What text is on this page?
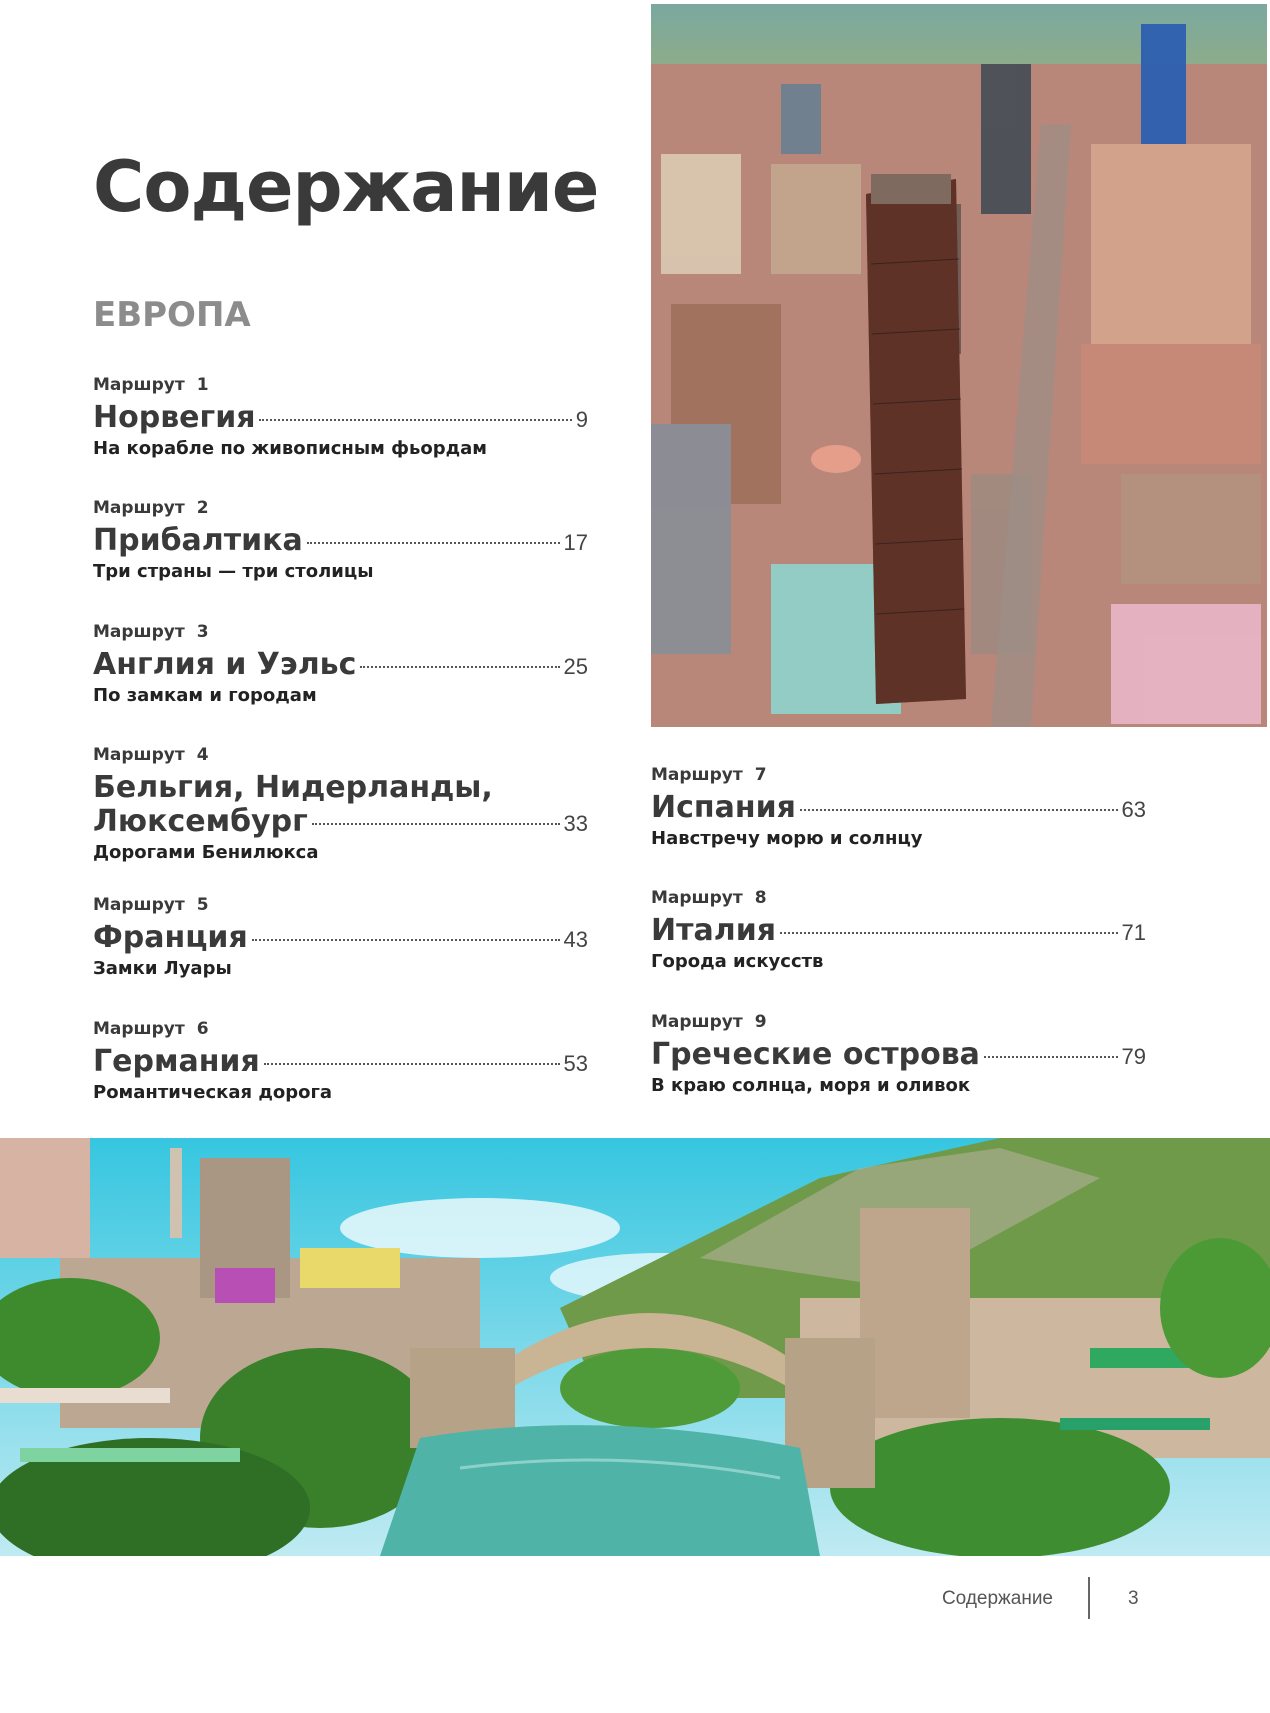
Содержание
ЕВРОПА
Маршрут 1
Норвегия	9
На корабле по живописным фьордам
Маршрут 2
Прибалтика	17
Три страны — три столицы
Маршрут 3
Англия и Уэльс	25
По замкам и городам
Маршрут 4
Бельгия, Нидерланды,
Люксембург	33
Дорогами Бенилюкса
Маршрут 5
Франция	43
Замки Луары
Маршрут 6
Германия	53
Романтическая дорога
Маршрут 7
Испания	63
Навстречу морю и солнцу
Маршрут 8
Италия	71
Города искусств
Маршрут 9
Греческие острова	79
В краю солнца, моря и оливок
Содержание	3
